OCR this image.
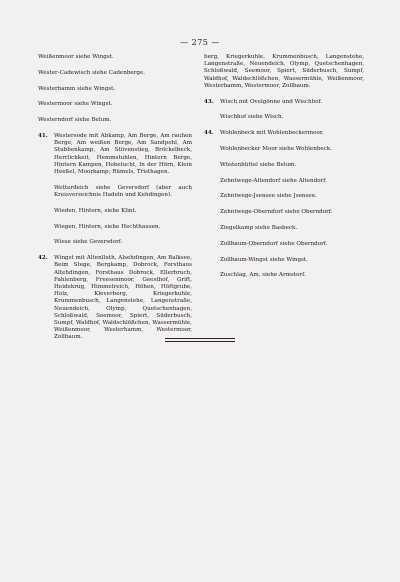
— 275 —
Weißenmoor siehe Wingst.
Wester-Cadewisch siehe Cadenberge.
Westerhamm siehe Wingst.
Westermoor siehe Wingst.
Westerndorf siehe Belum.
41. Westersode mit Abkamp, Am Berge, Am rauhen Berge, Am weißen Berge, Am Sandpohl, Am Stubbenkamp, Am Stüvenstieg, Bröckelbeck, Herrlichkeit, Hemmstuhlen, Hintern Berge, Hintern Kampen, Hohelucht, In der Hörn, Klein Heeßel, Moorkamp, Rümels, Tristhagen.
Wetterdeich siehe Geversdorf (aber auch Kreisverzeichnis Hadeln und Kehdingen).
Wieden, Hintern, siehe Klint.
Wiegen, Hintern, siehe Hechthausen.
Wiese siehe Geversdorf.
42. Wingst mit Altenlluth, Alsehdingen, Am Balksee, Beim Stege, Bergkamp, Dobrock, Forsthaus Altehdingen, Forsthaus Dobrock, Ellerbruch, Fahlenberg, Freesenmoor, Geesthof, Grift, Heidekrug, Himmelreich, Höhen, Höftgrube, Holz, Kleverberg, Kriegerkuhle, Krummenbusch, Langenstehe, Langenstraße, Neuendeich, Olymp, Quetschenhagen, Schloßwald, Seemoor, Spiert, Süderbusch, Sumpf, Waldhof, Waldschlößchen, Wassermühle, Weißenmoor, Westerhamm, Westermoor, Zollbaum.
berg, Kriegerkuhle, Krummenbusch, Langenstehe, Langenstraße, Neuendeich, Olymp, Quetschenhagen, Schloßwald, Seemoor, Spiert, Süderbusch, Sumpf, Waldhof, Waldschlößchen, Wassermühle, Weißenmoor, Westerhamm, Westermoor, Zollbaum.
43. Wisch mit Ovelgönne und Wischhof.
Wischhof siehe Wisch.
44. Wohlenbeck mit Wohlenbeckermoor.
Wohlenbecker Moor siehe Wohlenbeck.
Wüstenbüttel siehe Belum.
Zehntwege-Altendorf siehe Altendorf.
Zehntwege-Jsensee siehe Jsensee.
Zehntwege-Oberndorf siehe Oberndorf.
Ziegelkamp siehe Basbeck.
Zollbaum-Oberndorf siehe Oberndorf.
Zollbaum-Wingst siehe Wingst.
Zuschlag, Am, siehe Armstorf.
